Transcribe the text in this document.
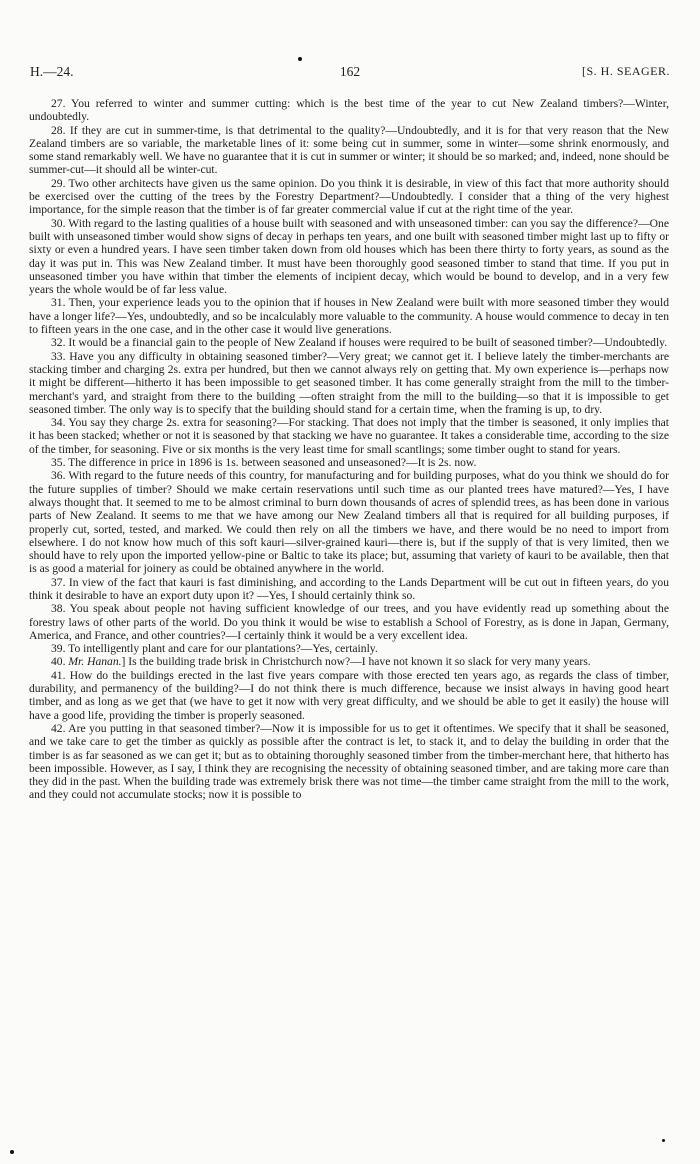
H.—24.	162	[S. H. SEAGER.

27. You referred to winter and summer cutting: which is the best time of the year to cut New Zealand timbers?—Winter, undoubtedly.

28. If they are cut in summer-time, is that detrimental to the quality?—Undoubtedly, and it is for that very reason that the New Zealand timbers are so variable, the marketable lines of it: some being cut in summer, some in winter—some shrink enormously, and some stand remarkably well. We have no guarantee that it is cut in summer or winter; it should be so marked; and, indeed, none should be summer-cut—it should all be winter-cut.

29. Two other architects have given us the same opinion. Do you think it is desirable, in view of this fact that more authority should be exercised over the cutting of the trees by the Forestry Department?—Undoubtedly. I consider that a thing of the very highest importance, for the simple reason that the timber is of far greater commercial value if cut at the right time of the year.

30. With regard to the lasting qualities of a house built with seasoned and with unseasoned timber: can you say the difference?—One built with unseasoned timber would show signs of decay in perhaps ten years, and one built with seasoned timber might last up to fifty or sixty or even a hundred years. I have seen timber taken down from old houses which has been there thirty to forty years, as sound as the day it was put in. This was New Zealand timber. It must have been thoroughly good seasoned timber to stand that time. If you put in unseasoned timber you have within that timber the elements of incipient decay, which would be bound to develop, and in a very few years the whole would be of far less value.

31. Then, your experience leads you to the opinion that if houses in New Zealand were built with more seasoned timber they would have a longer life?—Yes, undoubtedly, and so be incalculably more valuable to the community. A house would commence to decay in ten to fifteen years in the one case, and in the other case it would live generations.

32. It would be a financial gain to the people of New Zealand if houses were required to be built of seasoned timber?—Undoubtedly.

33. Have you any difficulty in obtaining seasoned timber?—Very great; we cannot get it. I believe lately the timber-merchants are stacking timber and charging 2s. extra per hundred, but then we cannot always rely on getting that. My own experience is—perhaps now it might be different—hitherto it has been impossible to get seasoned timber. It has come generally straight from the mill to the timber-merchant's yard, and straight from there to the building —often straight from the mill to the building—so that it is impossible to get seasoned timber. The only way is to specify that the building should stand for a certain time, when the framing is up, to dry.

34. You say they charge 2s. extra for seasoning?—For stacking. That does not imply that the timber is seasoned, it only implies that it has been stacked; whether or not it is seasoned by that stacking we have no guarantee. It takes a considerable time, according to the size of the timber, for seasoning. Five or six months is the very least time for small scantlings; some timber ought to stand for years.

35. The difference in price in 1896 is 1s. between seasoned and unseasoned?—It is 2s. now.

36. With regard to the future needs of this country, for manufacturing and for building purposes, what do you think we should do for the future supplies of timber? Should we make certain reservations until such time as our planted trees have matured?—Yes, I have always thought that. It seemed to me to be almost criminal to burn down thousands of acres of splendid trees, as has been done in various parts of New Zealand. It seems to me that we have among our New Zealand timbers all that is required for all building purposes, if properly cut, sorted, tested, and marked. We could then rely on all the timbers we have, and there would be no need to import from elsewhere. I do not know how much of this soft kauri—silver-grained kauri—there is, but if the supply of that is very limited, then we should have to rely upon the imported yellow-pine or Baltic to take its place; but, assuming that variety of kauri to be available, then that is as good a material for joinery as could be obtained anywhere in the world.

37. In view of the fact that kauri is fast diminishing, and according to the Lands Department will be cut out in fifteen years, do you think it desirable to have an export duty upon it? —Yes, I should certainly think so.

38. You speak about people not having sufficient knowledge of our trees, and you have evidently read up something about the forestry laws of other parts of the world. Do you think it would be wise to establish a School of Forestry, as is done in Japan, Germany, America, and France, and other countries?—I certainly think it would be a very excellent idea.

39. To intelligently plant and care for our plantations?—Yes, certainly.

40. Mr. Hanan.] Is the building trade brisk in Christchurch now?—I have not known it so slack for very many years.

41. How do the buildings erected in the last five years compare with those erected ten years ago, as regards the class of timber, durability, and permanency of the building?—I do not think there is much difference, because we insist always in having good heart timber, and as long as we get that (we have to get it now with very great difficulty, and we should be able to get it easily) the house will have a good life, providing the timber is properly seasoned.

42. Are you putting in that seasoned timber?—Now it is impossible for us to get it oftentimes. We specify that it shall be seasoned, and we take care to get the timber as quickly as possible after the contract is let, to stack it, and to delay the building in order that the timber is as far seasoned as we can get it; but as to obtaining thoroughly seasoned timber from the timber-merchant here, that hitherto has been impossible. However, as I say, I think they are recognising the necessity of obtaining seasoned timber, and are taking more care than they did in the past. When the building trade was extremely brisk there was not time—the timber came straight from the mill to the work, and they could not accumulate stocks; now it is possible to
